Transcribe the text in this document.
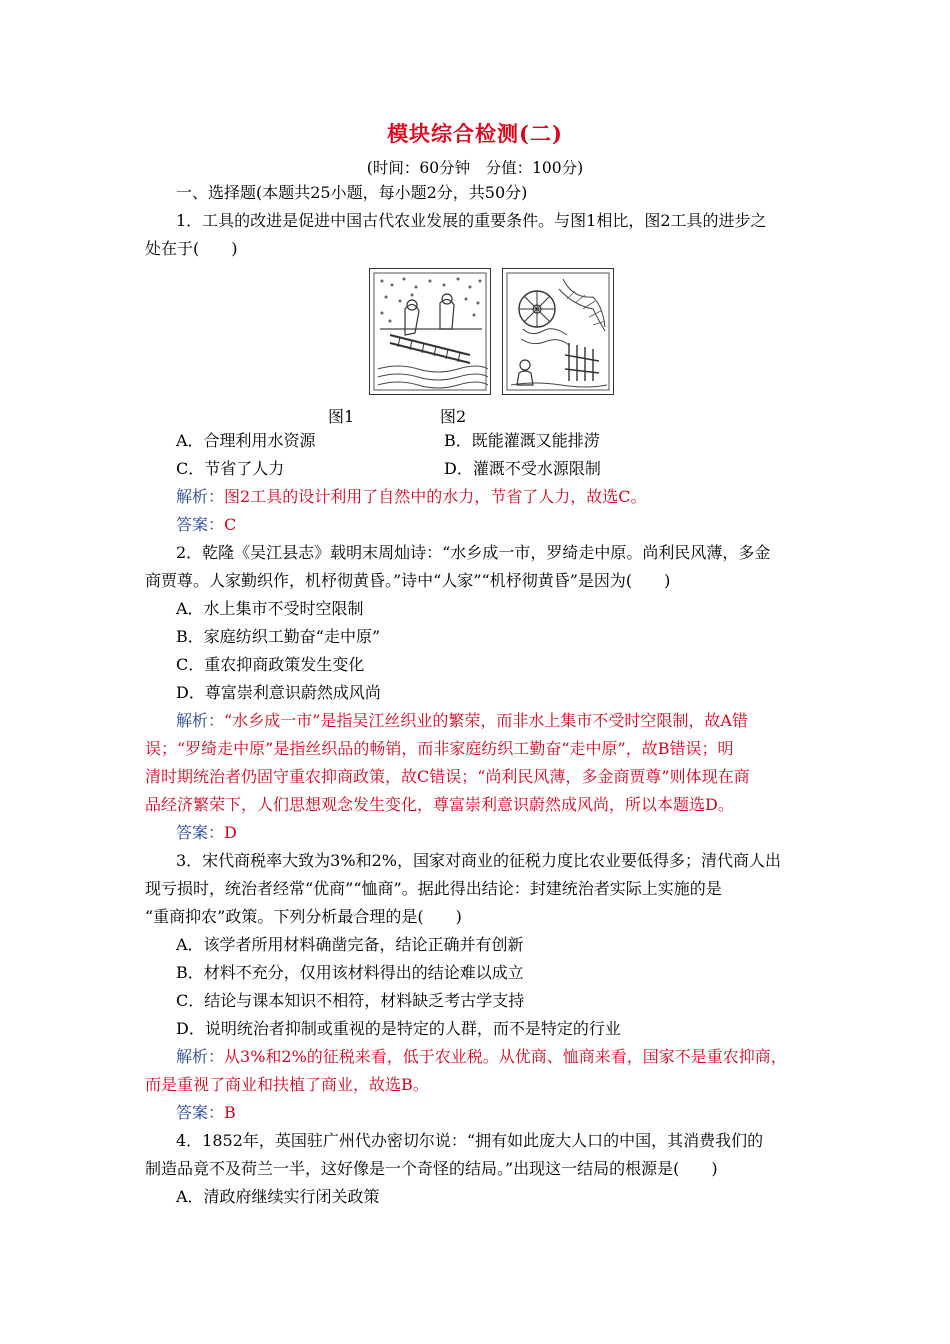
模块综合检测(二)
(时间：60分钟　分值：100分)
一、选择题(本题共25小题，每小题2分，共50分)
1．工具的改进是促进中国古代农业发展的重要条件。与图1相比，图2工具的进步之
处在于(　　)
图1	图2
A．合理利用水资源	B．既能灌溉又能排涝
C．节省了人力	D．灌溉不受水源限制
解析：图2工具的设计利用了自然中的水力，节省了人力，故选C。
答案：C
2．乾隆《吴江县志》载明末周灿诗：“水乡成一市，罗绮走中原。尚利民风薄，多金
商贾尊。人家勤织作，机杼彻黄昏。”诗中“人家”“机杼彻黄昏”是因为(　　)
A．水上集市不受时空限制
B．家庭纺织工勤奋“走中原”
C．重农抑商政策发生变化
D．尊富崇利意识蔚然成风尚
解析：“水乡成一市”是指吴江丝织业的繁荣，而非水上集市不受时空限制，故A错
误；“罗绮走中原”是指丝织品的畅销，而非家庭纺织工勤奋“走中原”，故B错误；明
清时期统治者仍固守重农抑商政策，故C错误；“尚利民风薄，多金商贾尊”则体现在商
品经济繁荣下，人们思想观念发生变化，尊富崇利意识蔚然成风尚，所以本题选D。
答案：D
3．宋代商税率大致为3%和2%，国家对商业的征税力度比农业要低得多；清代商人出
现亏损时，统治者经常“优商”“恤商”。据此得出结论：封建统治者实际上实施的是
“重商抑农”政策。下列分析最合理的是(　　)
A．该学者所用材料确凿完备，结论正确并有创新
B．材料不充分，仅用该材料得出的结论难以成立
C．结论与课本知识不相符，材料缺乏考古学支持
D．说明统治者抑制或重视的是特定的人群，而不是特定的行业
解析：从3%和2%的征税来看，低于农业税。从优商、恤商来看，国家不是重农抑商，
而是重视了商业和扶植了商业，故选B。
答案：B
4．1852年，英国驻广州代办密切尔说：“拥有如此庞大人口的中国，其消费我们的
制造品竟不及荷兰一半，这好像是一个奇怪的结局。”出现这一结局的根源是(　　)
A．清政府继续实行闭关政策
